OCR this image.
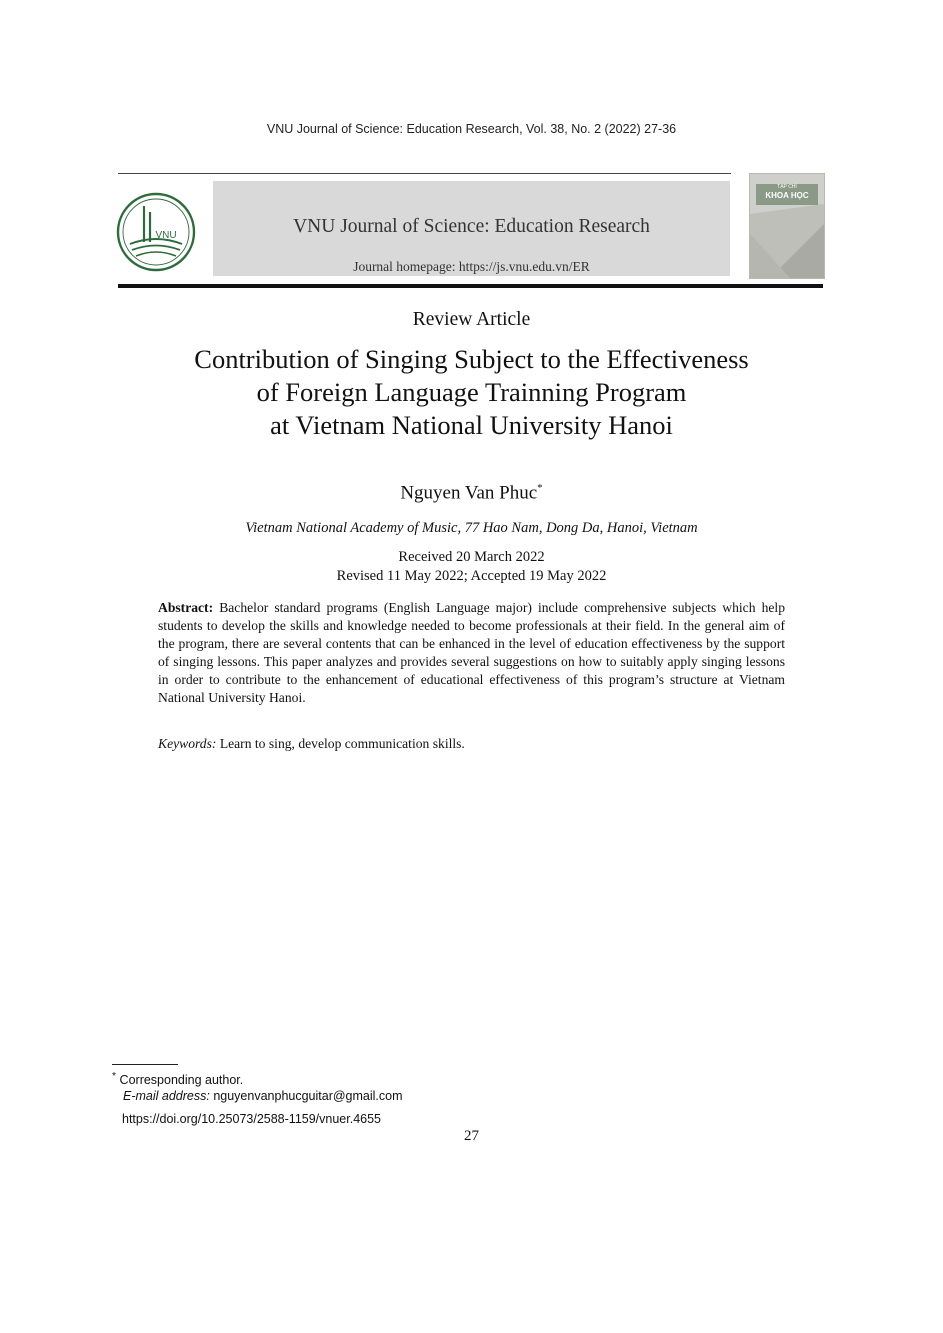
VNU Journal of Science: Education Research, Vol. 38, No. 2 (2022) 27-36
VNU	VNU Journal of Science: Education Research
Journal homepage: https://js.vnu.edu.vn/ER
TẠP CHÍ
KHOA HỌC
Review Article
Contribution of Singing Subject to the Effectiveness
of Foreign Language Trainning Program
at Vietnam National University Hanoi
Nguyen Van Phuc*
Vietnam National Academy of Music, 77 Hao Nam, Dong Da, Hanoi, Vietnam
Received 20 March 2022
Revised 11 May 2022; Accepted 19 May 2022
Abstract: Bachelor standard programs (English Language major) include comprehensive subjects which help students to develop the skills and knowledge needed to become professionals at their field. In the general aim of the program, there are several contents that can be enhanced in the level of education effectiveness by the support of singing lessons. This paper analyzes and provides several suggestions on how to suitably apply singing lessons in order to contribute to the enhancement of educational effectiveness of this program’s structure at Vietnam National University Hanoi.
Keywords: Learn to sing, develop communication skills.
* Corresponding author.
E-mail address: nguyenvanphucguitar@gmail.com
https://doi.org/10.25073/2588-1159/vnuer.4655
27
